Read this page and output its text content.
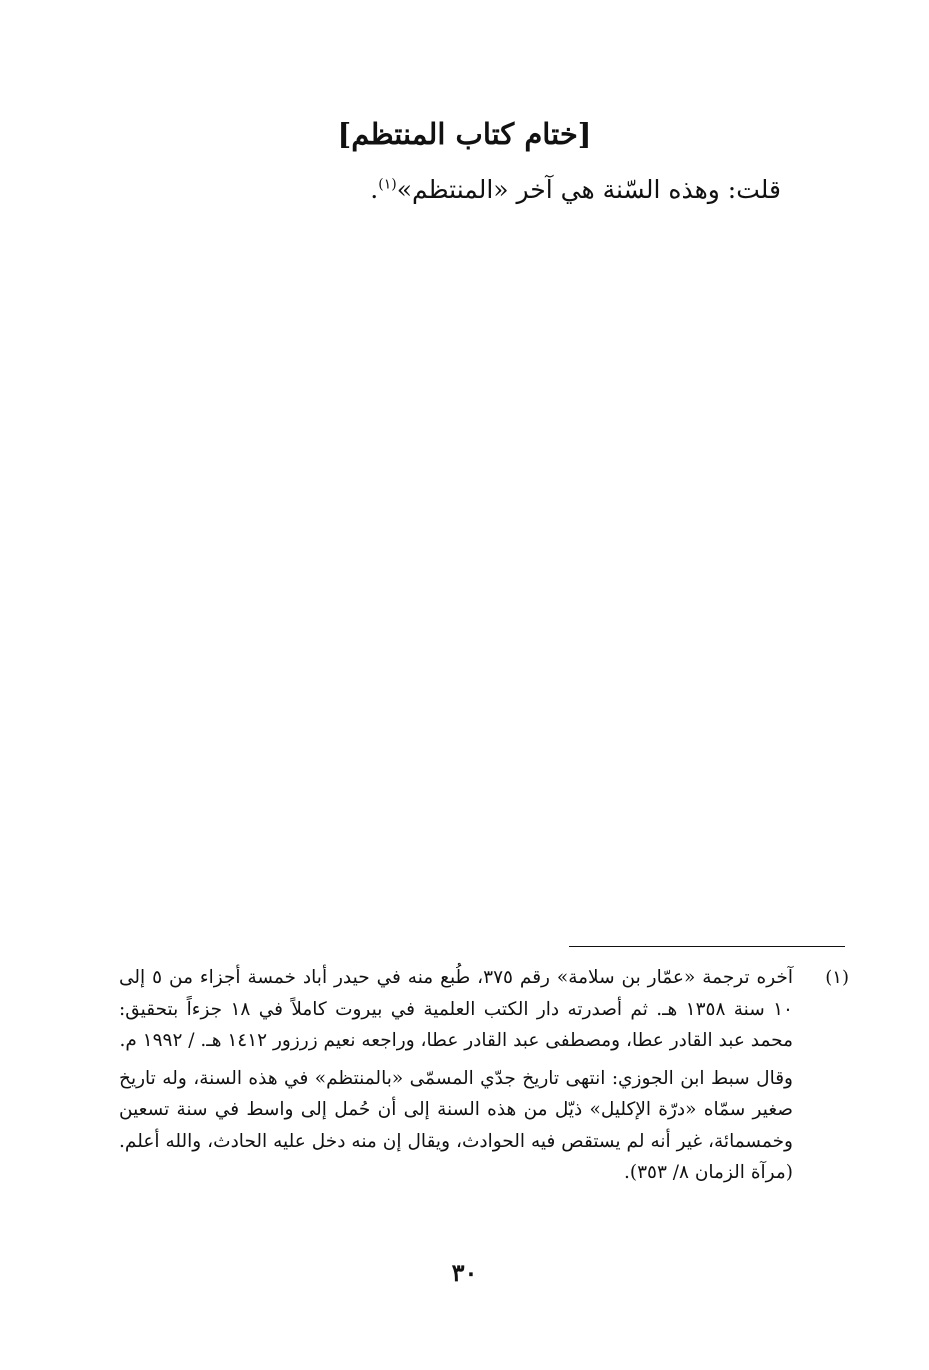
[ختام كتاب المنتظم]
قلت: وهذه السّنة هي آخر «المنتظم»$^{(١)}$.
(١)

آخره ترجمة «عمّار بن سلامة» رقم ٣٧٥، طُبع منه في حيدر أباد خمسة أجزاء من ٥ إلى ١٠ سنة ١٣٥٨ هـ. ثم أصدرته دار الكتب العلمية في بيروت كاملاً في ١٨ جزءاً بتحقيق: محمد عبد القادر عطا، ومصطفى عبد القادر عطا، وراجعه نعيم زرزور ١٤١٢ هـ. / ١٩٩٢ م.

وقال سبط ابن الجوزي: انتهى تاريخ جدّي المسمّى «بالمنتظم» في هذه السنة، وله تاريخ صغير سمّاه «درّة الإكليل» ذيّل من هذه السنة إلى أن حُمل إلى واسط في سنة تسعين وخمسمائة، غير أنه لم يستقص فيه الحوادث، ويقال إن منه دخل عليه الحادث، والله أعلم. (مرآة الزمان ٨/ ٣٥٣).

٣٠
